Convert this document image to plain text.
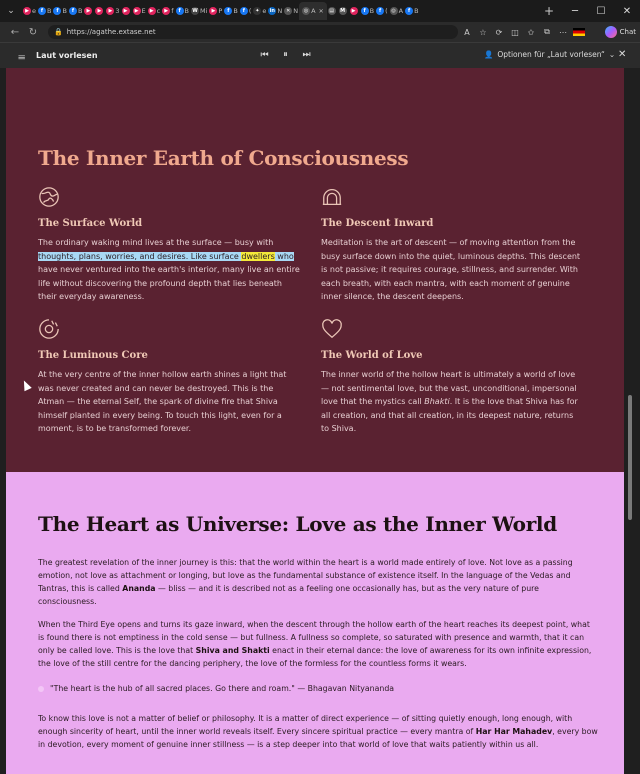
⌄	▶ e f B f B f B ▶	▶	▶ 3 ▶	▶ E ▶ c ▶ f f B W Mi ▶ P f B f ( ✦ e in N ✕ N	◎ A ✕	▤	M	▶	f B f ( ◎ A f B	+	─	☐	✕
← ↻	🔒 https://agathe.extase.net	A	☆	⟳	◫	✩	⧉	⋯	Chat
𝍢 Laut vorlesen	⏮	⏸	⏭	👤 Optionen für „Laut vorlesen“ ⌄ ✕
The Inner Earth of Consciousness
The Surface World
The ordinary waking mind lives at the surface — busy with thoughts, plans, worries, and desires. Like surface dwellers who have never ventured into the earth's interior, many live an entire life without discovering the profound depth that lies beneath their everyday awareness.
The Descent Inward
Meditation is the art of descent — of moving attention from the busy surface down into the quiet, luminous depths. This descent is not passive; it requires courage, stillness, and surrender. With each breath, with each mantra, with each moment of genuine inner silence, the descent deepens.
The Luminous Core
At the very centre of the inner hollow earth shines a light that was never created and can never be destroyed. This is the Atman — the eternal Self, the spark of divine fire that Shiva himself planted in every being. To touch this light, even for a moment, is to be transformed forever.
The World of Love
The inner world of the hollow heart is ultimately a world of love — not sentimental love, but the vast, unconditional, impersonal love that the mystics call Bhakti. It is the love that Shiva has for all creation, and that all creation, in its deepest nature, returns to Shiva.
The Heart as Universe: Love as the Inner World

The greatest revelation of the inner journey is this: that the world within the heart is a world made entirely of love. Not love as a passing emotion, not love as attachment or longing, but love as the fundamental substance of existence itself. In the language of the Vedas and Tantras, this is called Ananda — bliss — and it is described not as a feeling one occasionally has, but as the very nature of pure consciousness.

When the Third Eye opens and turns its gaze inward, when the descent through the hollow earth of the heart reaches its deepest point, what is found there is not emptiness in the cold sense — but fullness. A fullness so complete, so saturated with presence and warmth, that it can only be called love. This is the love that Shiva and Shakti enact in their eternal dance: the love of awareness for its own infinite expression, the love of the still centre for the dancing periphery, the love of the formless for the countless forms it wears.

"The heart is the hub of all sacred places. Go there and roam." — Bhagavan Nityananda

To know this love is not a matter of belief or philosophy. It is a matter of direct experience — of sitting quietly enough, long enough, with enough sincerity of heart, until the inner world reveals itself. Every sincere spiritual practice — every mantra of Har Har Mahadev, every bow in devotion, every moment of genuine inner stillness — is a step deeper into that world of love that waits patiently within us all.
